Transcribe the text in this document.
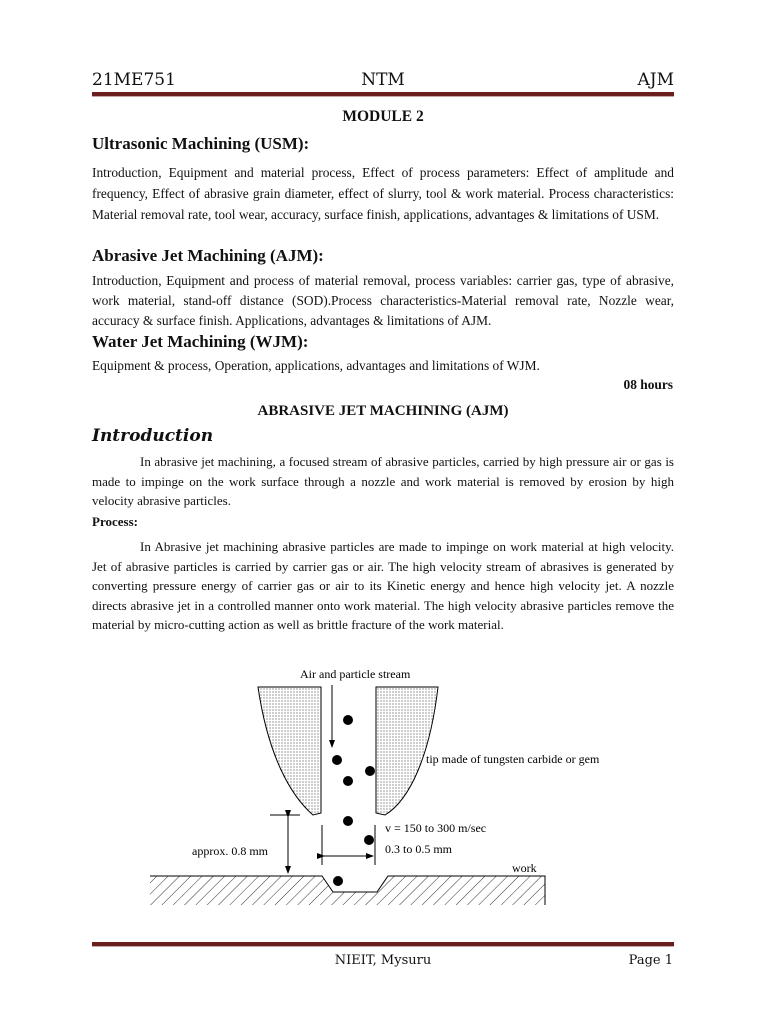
21ME751	NTM	AJM
MODULE 2
Ultrasonic Machining (USM):
Introduction, Equipment and material process, Effect of process parameters: Effect of amplitude and frequency, Effect of abrasive grain diameter, effect of slurry, tool & work material. Process characteristics: Material removal rate, tool wear, accuracy, surface finish, applications, advantages & limitations of USM.
Abrasive Jet Machining (AJM):
Introduction, Equipment and process of material removal, process variables: carrier gas, type of abrasive, work material, stand-off distance (SOD).Process characteristics-Material removal rate, Nozzle wear, accuracy & surface finish. Applications, advantages & limitations of AJM.
Water Jet Machining (WJM):
Equipment & process, Operation, applications, advantages and limitations of WJM.
08 hours
ABRASIVE JET MACHINING (AJM)
Introduction
In abrasive jet machining, a focused stream of abrasive particles, carried by high pressure air or gas is made to impinge on the work surface through a nozzle and work material is removed by erosion by high velocity abrasive particles.
Process:
In Abrasive jet machining abrasive particles are made to impinge on work material at high velocity. Jet of abrasive particles is carried by carrier gas or air. The high velocity stream of abrasives is generated by converting pressure energy of carrier gas or air to its Kinetic energy and hence high velocity jet. A nozzle directs abrasive jet in a controlled manner onto work material. The high velocity abrasive particles remove the material by micro-cutting action as well as brittle fracture of the work material.
Air and particle stream
tip made of tungsten carbide or gem
approx. 0.8 mm
v = 150 to 300 m/sec
0.3 to 0.5 mm
work
NIEIT, Mysuru	Page 1
